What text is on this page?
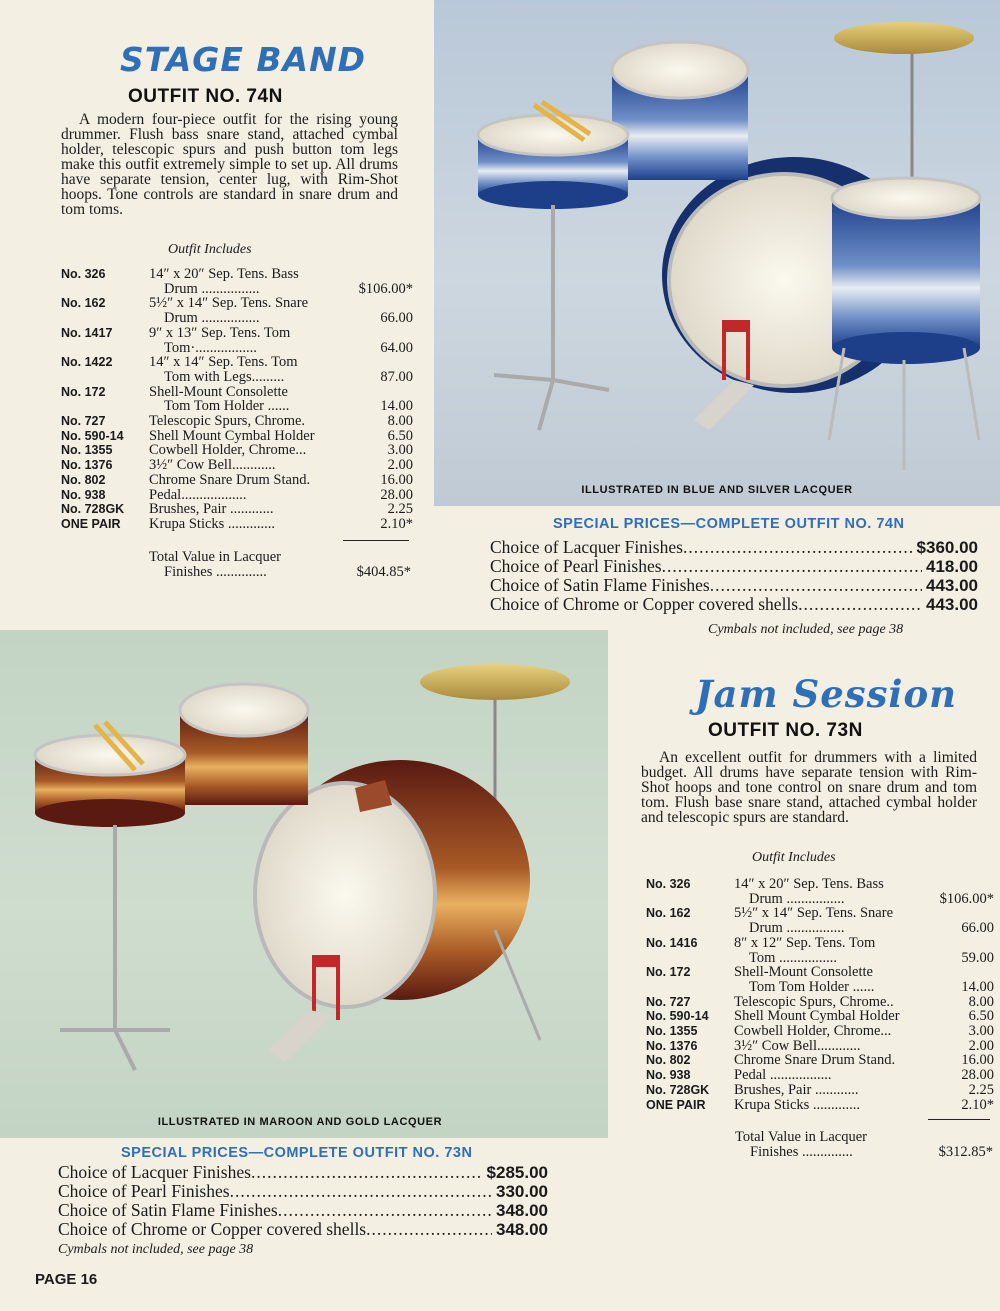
STAGE BAND
OUTFIT NO. 74N
A modern four-piece outfit for the rising young drummer. Flush bass snare stand, attached cymbal holder, telescopic spurs and push button tom legs make this outfit extremely simple to set up. All drums have separate tension, center lug, with Rim-Shot hoops. Tone controls are standard in snare drum and tom toms.
Outfit Includes
No. 326	14″ x 20″ Sep. Tens. Bass
Drum ................	$106.00*
No. 162	5½″ x 14″ Sep. Tens. Snare
Drum ................	66.00
No. 1417	9″ x 13″ Sep. Tens. Tom
Tom·.................	64.00
No. 1422	14″ x 14″ Sep. Tens. Tom
Tom with Legs.........	87.00
No. 172	Shell-Mount Consolette
Tom Tom Holder ......	14.00
No. 727	Telescopic Spurs, Chrome.	8.00
No. 590-14	Shell Mount Cymbal Holder	6.50
No. 1355	Cowbell Holder, Chrome...	3.00
No. 1376	3½″ Cow Bell............	2.00
No. 802	Chrome Snare Drum Stand.	16.00
No. 938	Pedal..................	28.00
No. 728GK	Brushes, Pair ............	2.25
ONE PAIR	Krupa Sticks .............	2.10*
Total Value in Lacquer
Finishes ..............	$404.85*
ILLUSTRATED IN BLUE AND SILVER LACQUER
SPECIAL PRICES—COMPLETE OUTFIT NO. 74N
Choice of Lacquer Finishes .....	$360.00
Choice of Pearl Finishes .....	418.00
Choice of Satin Flame Finishes .....	443.00
Choice of Chrome or Copper covered shells .....	443.00
Cymbals not included, see page 38
ILLUSTRATED IN MAROON AND GOLD LACQUER
SPECIAL PRICES—COMPLETE OUTFIT NO. 73N
Choice of Lacquer Finishes .....	$285.00
Choice of Pearl Finishes .....	330.00
Choice of Satin Flame Finishes .....	348.00
Choice of Chrome or Copper covered shells .....	348.00
Cymbals not included, see page 38
Jam Session
OUTFIT NO. 73N
An excellent outfit for drummers with a limited budget. All drums have separate tension with Rim-Shot hoops and tone control on snare drum and tom tom. Flush base snare stand, attached cymbal holder and telescopic spurs are standard.
Outfit Includes
No. 326	14″ x 20″ Sep. Tens. Bass
Drum ................	$106.00*
No. 162	5½″ x 14″ Sep. Tens. Snare
Drum ................	66.00
No. 1416	8″ x 12″ Sep. Tens. Tom
Tom ................	59.00
No. 172	Shell-Mount Consolette
Tom Tom Holder ......	14.00
No. 727	Telescopic Spurs, Chrome..	8.00
No. 590-14	Shell Mount Cymbal Holder	6.50
No. 1355	Cowbell Holder, Chrome...	3.00
No. 1376	3½″ Cow Bell............	2.00
No. 802	Chrome Snare Drum Stand.	16.00
No. 938	Pedal .................	28.00
No. 728GK	Brushes, Pair ............	2.25
ONE PAIR	Krupa Sticks .............	2.10*
Total Value in Lacquer
Finishes ..............	$312.85*
PAGE 16
